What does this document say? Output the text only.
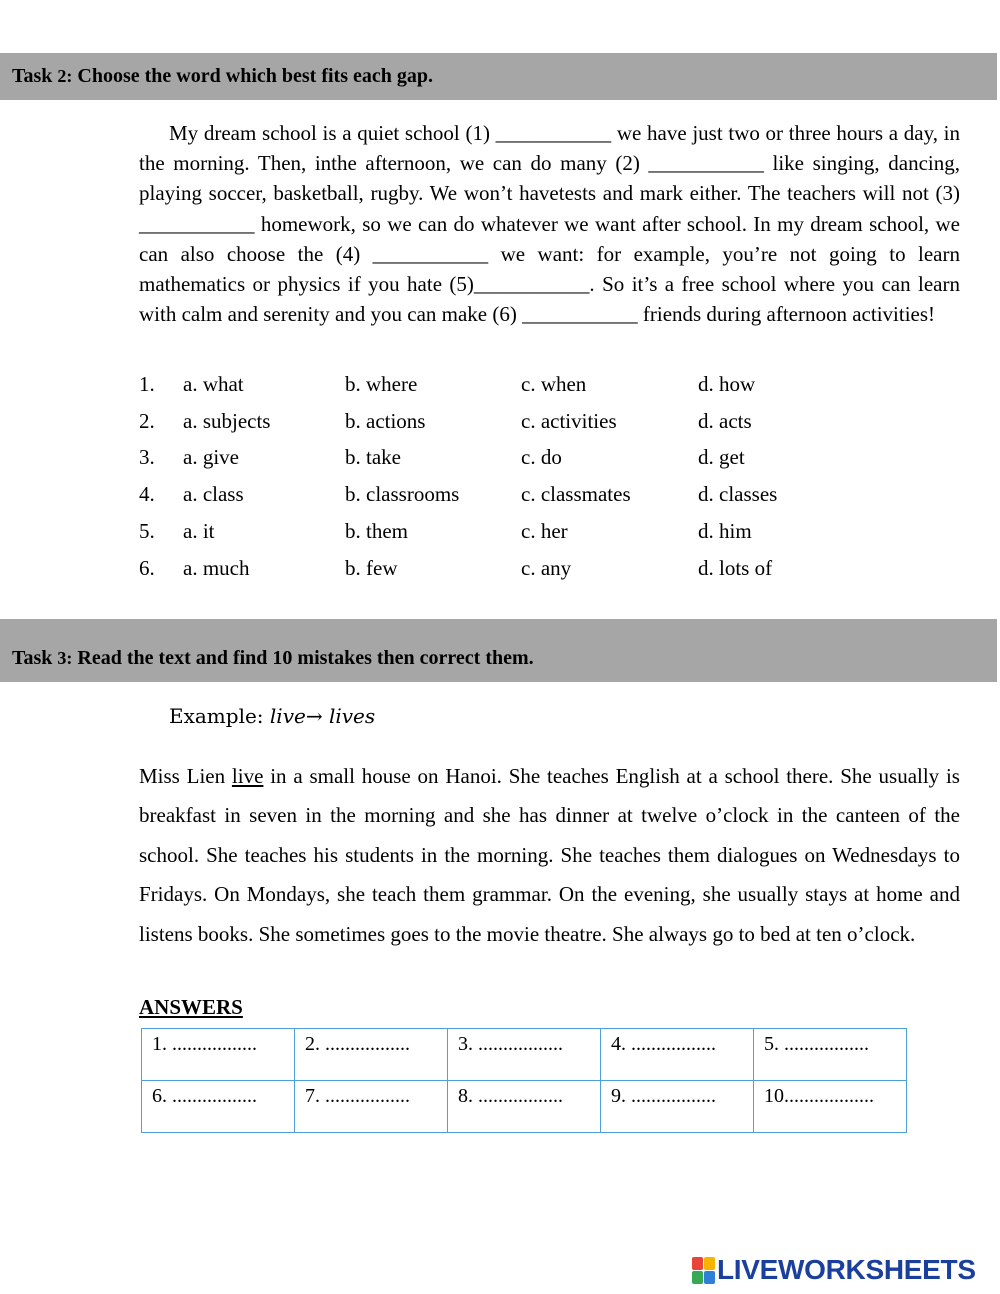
Task 2: Choose the word which best fits each gap.

My dream school is a quiet school (1) ___________ we have just two or three hours a day, in the morning. Then, inthe afternoon, we can do many (2) ___________ like singing, dancing, playing soccer, basketball, rugby. We won’t havetests and mark either. The teachers will not (3) ___________ homework, so we can do whatever we want after school. In my dream school, we can also choose the (4) ___________ we want: for example, you’re not going to learn mathematics or physics if you hate (5)___________. So it’s a free school where you can learn with calm and serenity and you can make (6) ___________ friends during afternoon activities!

1.	a. what	b. where	c. when	d. how
2.	a. subjects	b. actions	c. activities	d. acts
3.	a. give	b. take	c. do	d. get
4.	a. class	b. classrooms	c. classmates	d. classes
5.	a. it	b. them	c. her	d. him
6.	a. much	b. few	c. any	d. lots of
Task 3: Read the text and find 10 mistakes then correct them.
Example: live→ lives

Miss Lien live in a small house on Hanoi. She teaches English at a school there. She usually is breakfast in seven in the morning and she has dinner at twelve o’clock in the canteen of the school. She teaches his students in the morning. She teaches them dialogues on Wednesdays to Fridays. On Mondays, she teach them grammar. On the evening, she usually stays at home and listens books. She sometimes goes to the movie theatre. She always go to bed at ten o’clock.

ANSWERS
1. .................	2. .................	3. .................	4. .................	5. .................
6. .................	7. .................	8. .................	9. .................	10..................
LIVEWORKSHEETS
